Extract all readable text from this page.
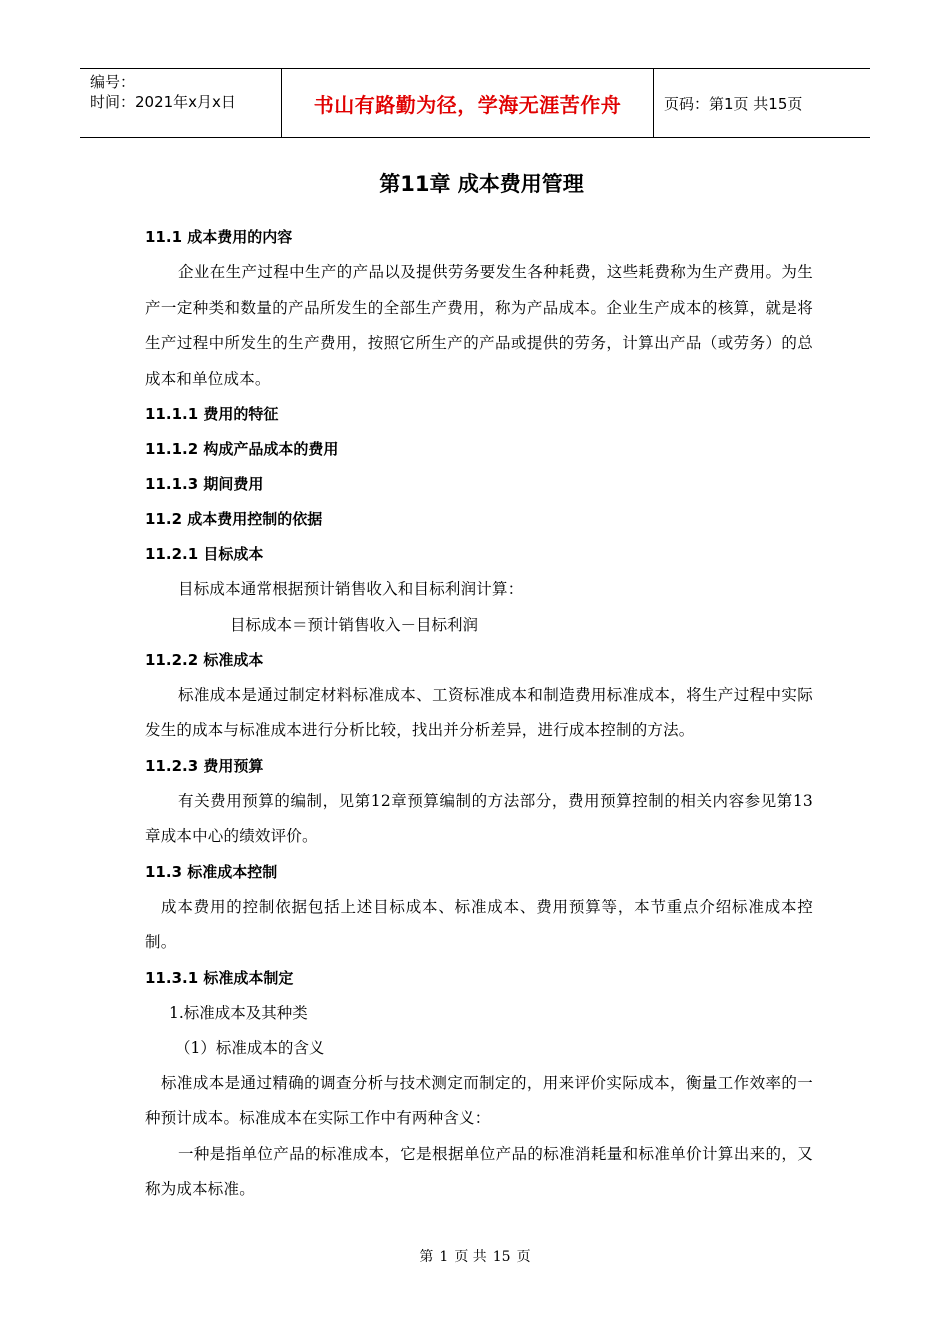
编号：
时间：2021年x月x日	书山有路勤为径，学海无涯苦作舟	页码：第1页 共15页
第11章 成本费用管理
11.1 成本费用的内容
企业在生产过程中生产的产品以及提供劳务要发生各种耗费，这些耗费称为生产费用。为生产一定种类和数量的产品所发生的全部生产费用，称为产品成本。企业生产成本的核算，就是将生产过程中所发生的生产费用，按照它所生产的产品或提供的劳务，计算出产品（或劳务）的总成本和单位成本。
11.1.1 费用的特征
11.1.2 构成产品成本的费用
11.1.3 期间费用
11.2 成本费用控制的依据
11.2.1 目标成本
目标成本通常根据预计销售收入和目标利润计算：
目标成本＝预计销售收入－目标利润
11.2.2 标准成本
标准成本是通过制定材料标准成本、工资标准成本和制造费用标准成本，将生产过程中实际发生的成本与标准成本进行分析比较，找出并分析差异，进行成本控制的方法。
11.2.3 费用预算
有关费用预算的编制，见第12章预算编制的方法部分，费用预算控制的相关内容参见第13章成本中心的绩效评价。
11.3 标准成本控制
成本费用的控制依据包括上述目标成本、标准成本、费用预算等，本节重点介绍标准成本控制。
11.3.1 标准成本制定
1.标准成本及其种类
（1）标准成本的含义
标准成本是通过精确的调查分析与技术测定而制定的，用来评价实际成本，衡量工作效率的一种预计成本。标准成本在实际工作中有两种含义：
一种是指单位产品的标准成本，它是根据单位产品的标准消耗量和标准单价计算出来的，又称为成本标准。
第 1 页 共 15 页
